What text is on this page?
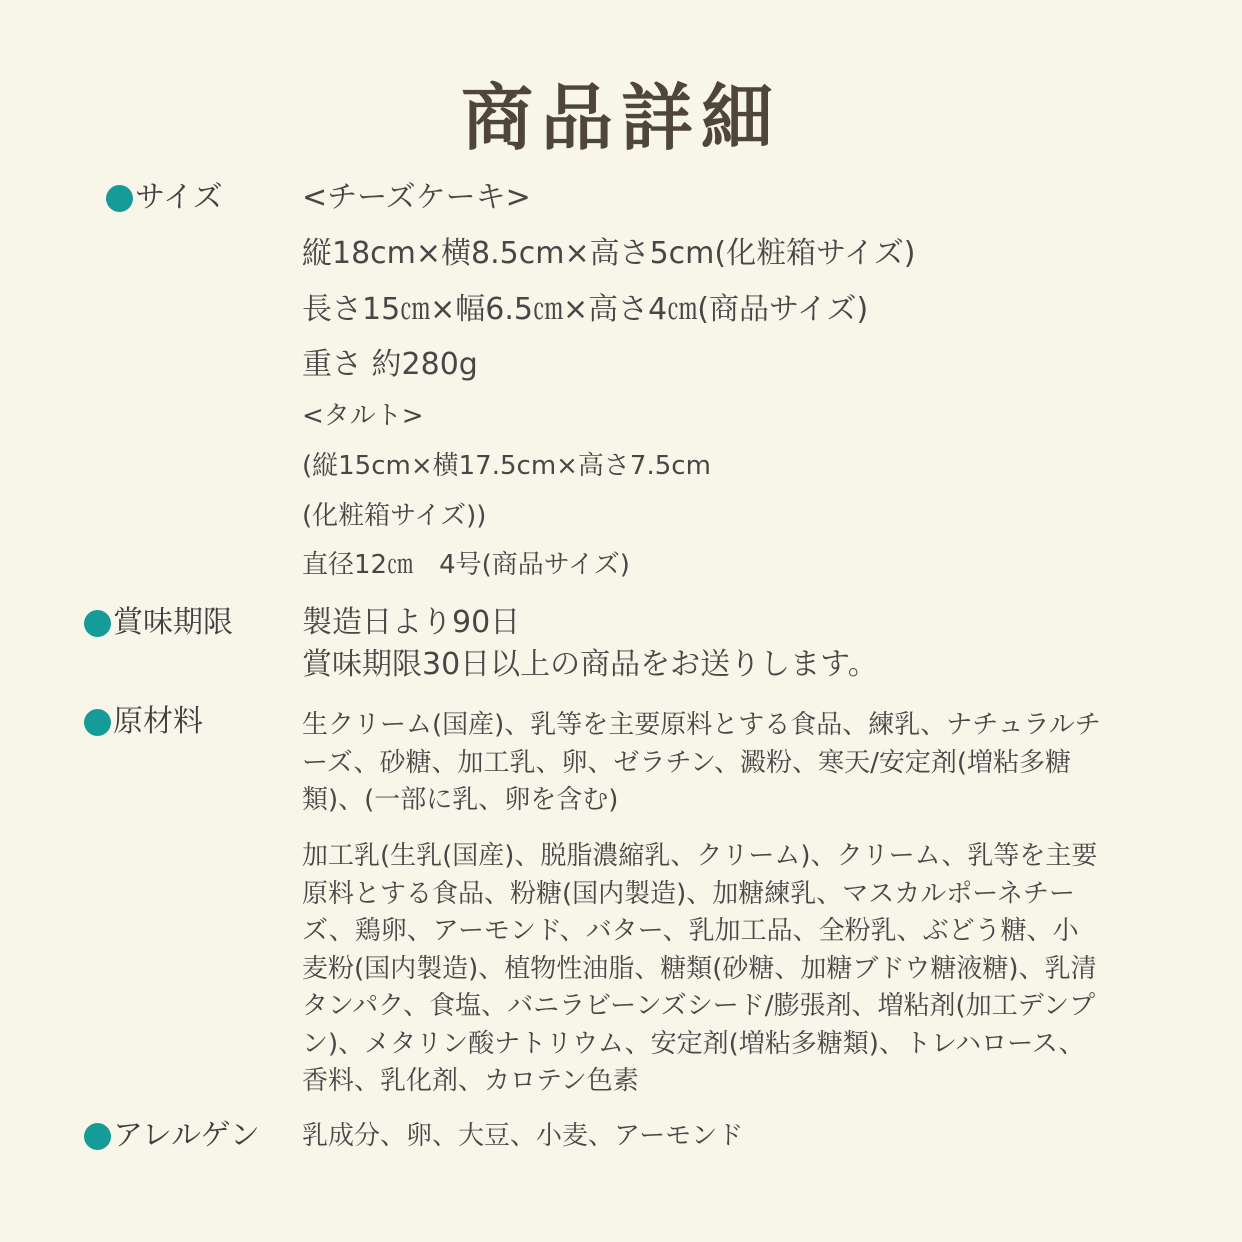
商品詳細
サイズ	<チーズケーキ>
縦18cm×横8.5cm×高さ5cm(化粧箱サイズ)
長さ15㎝×幅6.5㎝×高さ4㎝(商品サイズ)
重さ 約280g
<タルト>
(縦15cm×横17.5cm×高さ7.5cm
(化粧箱サイズ))
直径12㎝　4号(商品サイズ)
賞味期限 製造日より90日
賞味期限30日以上の商品をお送りします。
原材料	生クリーム(国産)、乳等を主要原料とする食品、練乳、ナチュラルチ
ーズ、砂糖、加工乳、卵、ゼラチン、澱粉、寒天/安定剤(増粘多糖
類)、(一部に乳、卵を含む)
加工乳(生乳(国産)、脱脂濃縮乳、クリーム)、クリーム、乳等を主要
原料とする食品、粉糖(国内製造)、加糖練乳、マスカルポーネチー
ズ、鶏卵、アーモンド、バター、乳加工品、全粉乳、ぶどう糖、小
麦粉(国内製造)、植物性油脂、糖類(砂糖、加糖ブドウ糖液糖)、乳清
タンパク、食塩、バニラビーンズシード/膨張剤、増粘剤(加工デンプ
ン)、メタリン酸ナトリウム、安定剤(増粘多糖類)、トレハロース、
香料、乳化剤、カロテン色素
アレルゲン 乳成分、卵、大豆、小麦、アーモンド
